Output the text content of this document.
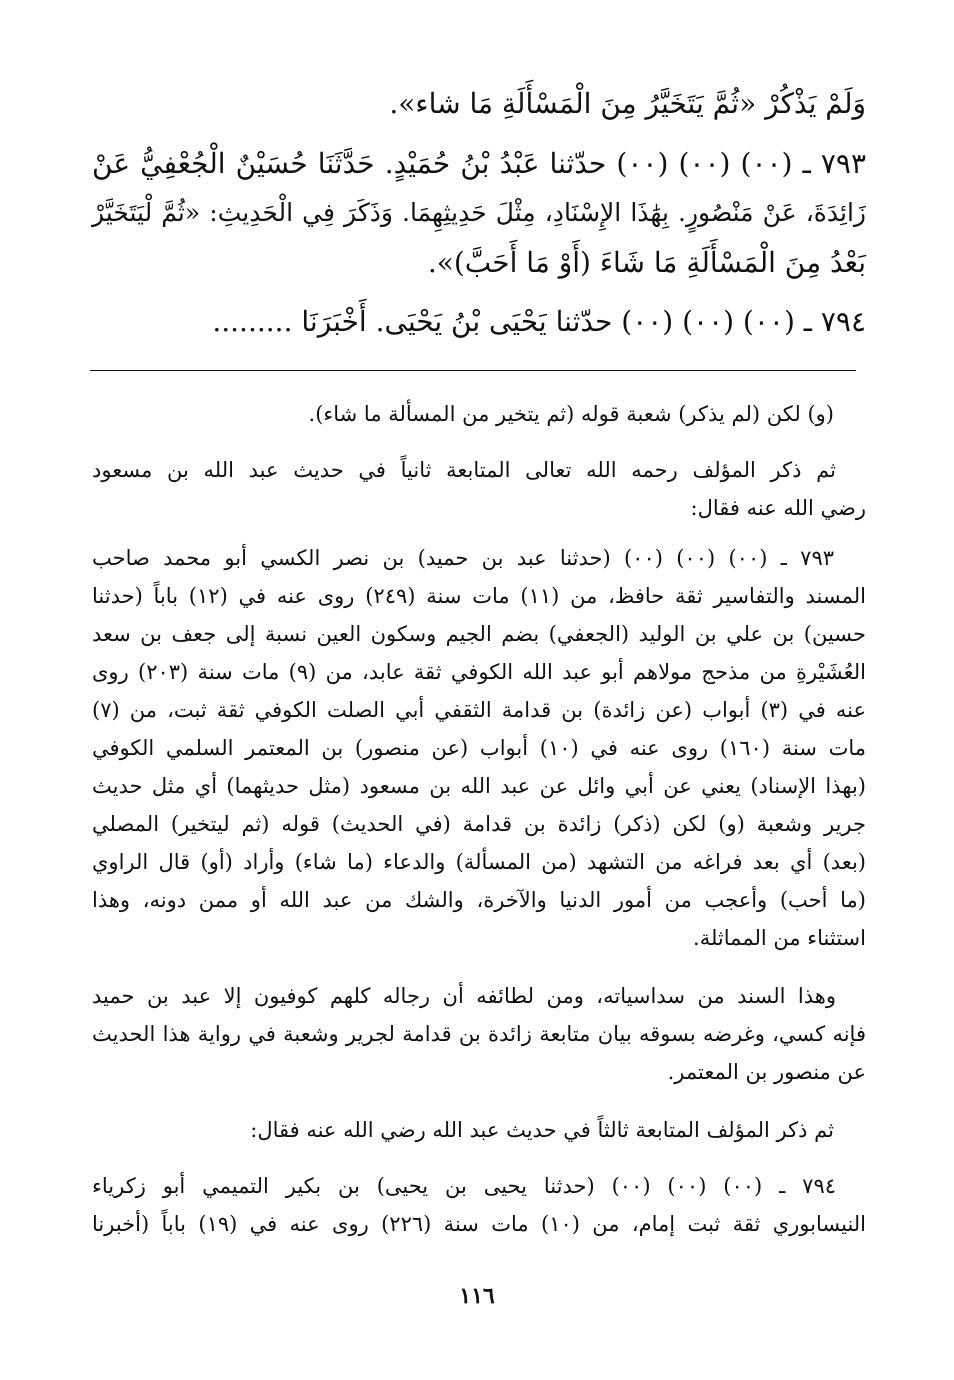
وَلَمْ يَذْكُرْ «ثُمَّ يَتَخَيَّرُ مِنَ الْمَسْأَلَةِ مَا شاء».
٧٩٣ ـ (٠٠) (٠٠) (٠٠) حدّثنا عَبْدُ بْنُ حُمَيْدٍ. حَدَّثَنَا حُسَيْنٌ الْجُعْفِيُّ عَنْ
زَائِدَةَ، عَنْ مَنْصُورٍ. بِهَٰذَا الإِسْنَادِ، مِثْلَ حَدِيثِهِمَا. وَذَكَرَ فِي الْحَدِيثِ: «ثُمَّ لْيَتَخَيَّرْ
بَعْدُ مِنَ الْمَسْأَلَةِ مَا شَاءَ (أَوْ مَا أَحَبَّ)».
٧٩٤ ـ (٠٠) (٠٠) (٠٠) حدّثنا يَحْيَى بْنُ يَحْيَى. أَخْبَرَنَا .........
(و) لكن (لم يذكر) شعبة قوله (ثم يتخير من المسألة ما شاء).
ثم ذكر المؤلف رحمه الله تعالى المتابعة ثانياً في حديث عبد الله بن مسعود
رضي الله عنه فقال:
٧٩٣ ـ (٠٠) (٠٠) (٠٠) (حدثنا عبد بن حميد) بن نصر الكسي أبو محمد صاحب
المسند والتفاسير ثقة حافظ، من (١١) مات سنة (٢٤٩) روى عنه في (١٢) باباً (حدثنا
حسين) بن علي بن الوليد (الجعفي) بضم الجيم وسكون العين نسبة إلى جعف بن سعد
العُشَيْرةِ من مذحج مولاهم أبو عبد الله الكوفي ثقة عابد، من (٩) مات سنة (٢٠٣) روى
عنه في (٣) أبواب (عن زائدة) بن قدامة الثقفي أبي الصلت الكوفي ثقة ثبت، من (٧)
مات سنة (١٦٠) روى عنه في (١٠) أبواب (عن منصور) بن المعتمر السلمي الكوفي
(بهذا الإسناد) يعني عن أبي وائل عن عبد الله بن مسعود (مثل حديثهما) أي مثل حديث
جرير وشعبة (و) لكن (ذكر) زائدة بن قدامة (في الحديث) قوله (ثم ليتخير) المصلي
(بعد) أي بعد فراغه من التشهد (من المسألة) والدعاء (ما شاء) وأراد (أو) قال الراوي
(ما أحب) وأعجب من أمور الدنيا والآخرة، والشك من عبد الله أو ممن دونه، وهذا
استثناء من المماثلة.
وهذا السند من سداسياته، ومن لطائفه أن رجاله كلهم كوفيون إلا عبد بن حميد
فإنه كسي، وغرضه بسوقه بيان متابعة زائدة بن قدامة لجرير وشعبة في رواية هذا الحديث
عن منصور بن المعتمر.
ثم ذكر المؤلف المتابعة ثالثاً في حديث عبد الله رضي الله عنه فقال:
٧٩٤ ـ (٠٠) (٠٠) (٠٠) (حدثنا يحيى بن يحيى) بن بكير التميمي أبو زكرياء
النيسابوري ثقة ثبت إمام، من (١٠) مات سنة (٢٢٦) روى عنه في (١٩) باباً (أخبرنا
١١٦
